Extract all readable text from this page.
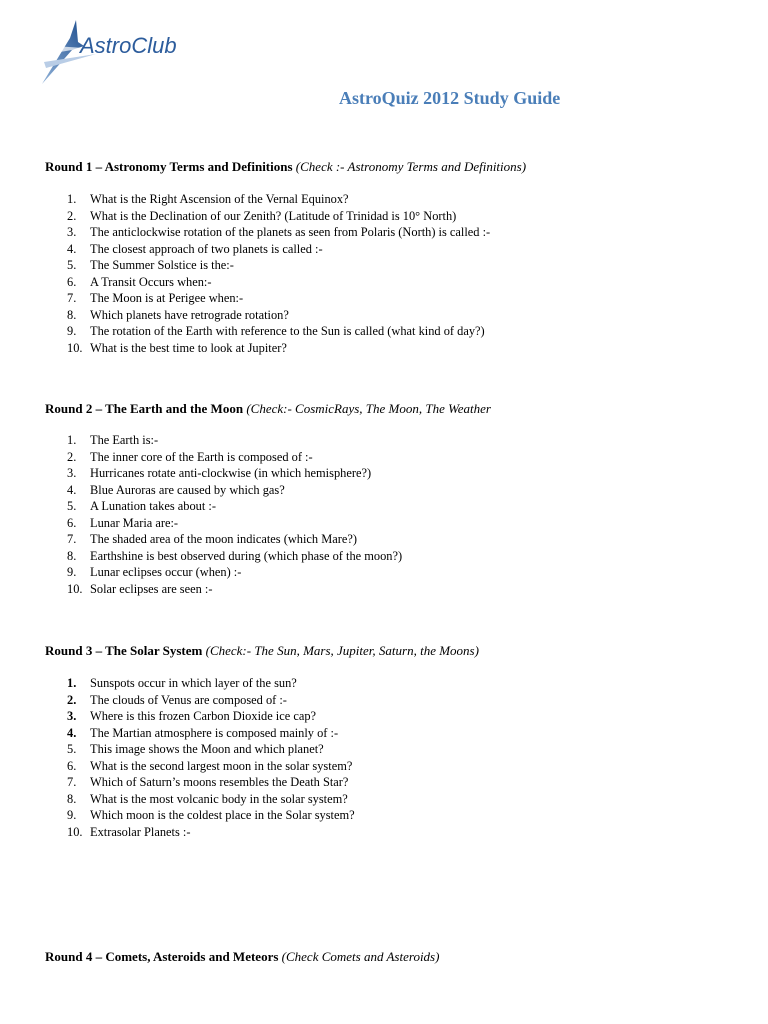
AstroClub
AstroQuiz 2012 Study Guide

Round 1 – Astronomy Terms and Definitions (Check :- Astronomy Terms and Definitions)

1.	What is the Right Ascension of the Vernal Equinox?
2.	What is the Declination of our Zenith? (Latitude of Trinidad is 10° North)
3.	The anticlockwise rotation of the planets as seen from Polaris (North) is called :-
4.	The closest approach of two planets is called :-
5.	The Summer Solstice is the:-
6.	A Transit Occurs when:-
7.	The Moon is at Perigee when:-
8.	Which planets have retrograde rotation?
9.	The rotation of the Earth with reference to the Sun is called (what kind of day?)
10. What is the best time to look at Jupiter?

Round 2 – The Earth and the Moon (Check:- CosmicRays, The Moon, The Weather

1.	The Earth is:-
2.	The inner core of the Earth is composed of :-
3.	Hurricanes rotate anti-clockwise (in which hemisphere?)
4.	Blue Auroras are caused by which gas?
5.	A Lunation takes about :-
6.	Lunar Maria are:-
7.	The shaded area of the moon indicates (which Mare?)
8.	Earthshine is best observed during (which phase of the moon?)
9.	Lunar eclipses occur (when) :-
10. Solar eclipses are seen :-

Round 3 – The Solar System (Check:- The Sun, Mars, Jupiter, Saturn, the Moons)

1.	Sunspots occur in which layer of the sun?
2.	The clouds of Venus are composed of :-
3.	Where is this frozen Carbon Dioxide ice cap?
4.	The Martian atmosphere is composed mainly of :-
5.	This image shows the Moon and which planet?
6.	What is the second largest moon in the solar system?
7.	Which of Saturn’s moons resembles the Death Star?
8.	What is the most volcanic body in the solar system?
9.	Which moon is the coldest place in the Solar system?
10. Extrasolar Planets :-

Round 4 – Comets, Asteroids and Meteors (Check Comets and Asteroids)
